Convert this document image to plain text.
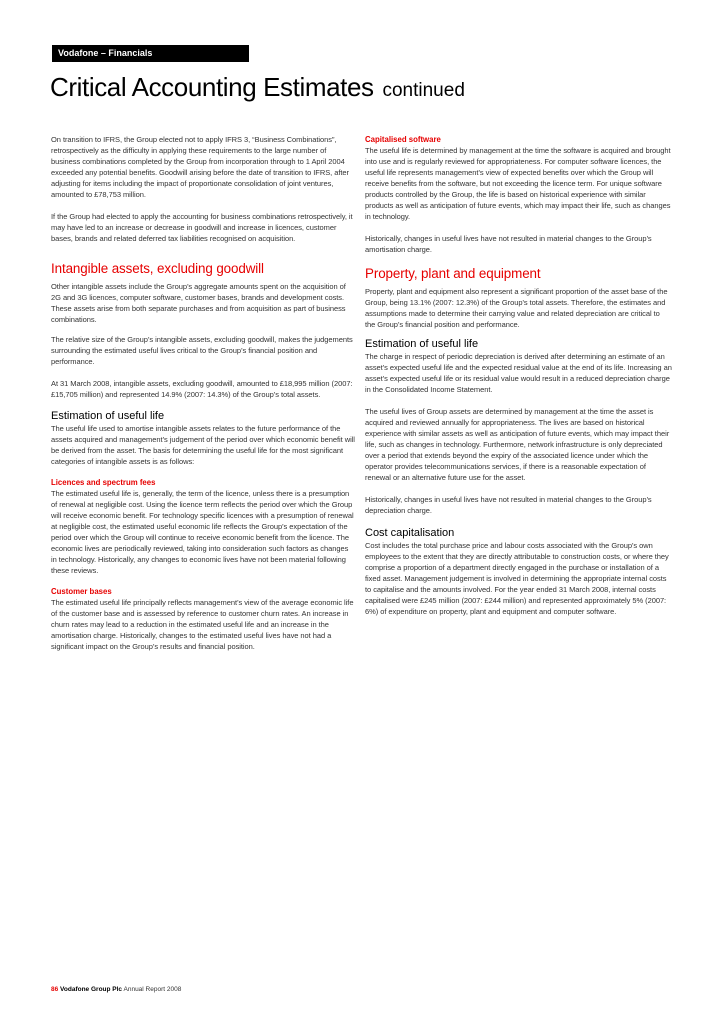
Vodafone – Financials
Critical Accounting Estimates continued

On transition to IFRS, the Group elected not to apply IFRS 3, “Business Combinations”, retrospectively as the difficulty in applying these requirements to the large number of business combinations completed by the Group from incorporation through to 1 April 2004 exceeded any potential benefits. Goodwill arising before the date of transition to IFRS, after adjusting for items including the impact of proportionate consolidation of joint ventures, amounted to £78,753 million.

If the Group had elected to apply the accounting for business combinations retrospectively, it may have led to an increase or decrease in goodwill and increase in licences, customer bases, brands and related deferred tax liabilities recognised on acquisition.

Intangible assets, excluding goodwill

Other intangible assets include the Group’s aggregate amounts spent on the acquisition of 2G and 3G licences, computer software, customer bases, brands and development costs. These assets arise from both separate purchases and from acquisition as part of business combinations.

The relative size of the Group’s intangible assets, excluding goodwill, makes the judgements surrounding the estimated useful lives critical to the Group’s financial position and performance.

At 31 March 2008, intangible assets, excluding goodwill, amounted to £18,995 million (2007: £15,705 million) and represented 14.9% (2007: 14.3%) of the Group’s total assets.

Estimation of useful life

The useful life used to amortise intangible assets relates to the future performance of the assets acquired and management’s judgement of the period over which economic benefit will be derived from the asset. The basis for determining the useful life for the most significant categories of intangible assets is as follows:

Licences and spectrum fees

The estimated useful life is, generally, the term of the licence, unless there is a presumption of renewal at negligible cost. Using the licence term reflects the period over which the Group will receive economic benefit. For technology specific licences with a presumption of renewal at negligible cost, the estimated useful economic life reflects the Group’s expectation of the period over which the Group will continue to receive economic benefit from the licence. The economic lives are periodically reviewed, taking into consideration such factors as changes in technology. Historically, any changes to economic lives have not been material following these reviews.

Customer bases

The estimated useful life principally reflects management’s view of the average economic life of the customer base and is assessed by reference to customer churn rates. An increase in churn rates may lead to a reduction in the estimated useful life and an increase in the amortisation charge. Historically, changes to the estimated useful lives have not had a significant impact on the Group’s results and financial position.

Capitalised software

The useful life is determined by management at the time the software is acquired and brought into use and is regularly reviewed for appropriateness. For computer software licences, the useful life represents management’s view of expected benefits over which the Group will receive benefits from the software, but not exceeding the licence term. For unique software products controlled by the Group, the life is based on historical experience with similar products as well as anticipation of future events, which may impact their life, such as changes in technology.

Historically, changes in useful lives have not resulted in material changes to the Group’s amortisation charge.

Property, plant and equipment

Property, plant and equipment also represent a significant proportion of the asset base of the Group, being 13.1% (2007: 12.3%) of the Group’s total assets. Therefore, the estimates and assumptions made to determine their carrying value and related depreciation are critical to the Group’s financial position and performance.

Estimation of useful life

The charge in respect of periodic depreciation is derived after determining an estimate of an asset’s expected useful life and the expected residual value at the end of its life. Increasing an asset’s expected useful life or its residual value would result in a reduced depreciation charge in the Consolidated Income Statement.

The useful lives of Group assets are determined by management at the time the asset is acquired and reviewed annually for appropriateness. The lives are based on historical experience with similar assets as well as anticipation of future events, which may impact their life, such as changes in technology. Furthermore, network infrastructure is only depreciated over a period that extends beyond the expiry of the associated licence under which the operator provides telecommunications services, if there is a reasonable expectation of renewal or an alternative future use for the asset.

Historically, changes in useful lives have not resulted in material changes to the Group’s depreciation charge.

Cost capitalisation

Cost includes the total purchase price and labour costs associated with the Group’s own employees to the extent that they are directly attributable to construction costs, or where they comprise a proportion of a department directly engaged in the purchase or installation of a fixed asset. Management judgement is involved in determining the appropriate internal costs to capitalise and the amounts involved. For the year ended 31 March 2008, internal costs capitalised were £245 million (2007: £244 million) and represented approximately 5% (2007: 6%) of expenditure on property, plant and equipment and computer software.

86 Vodafone Group Plc Annual Report 2008
